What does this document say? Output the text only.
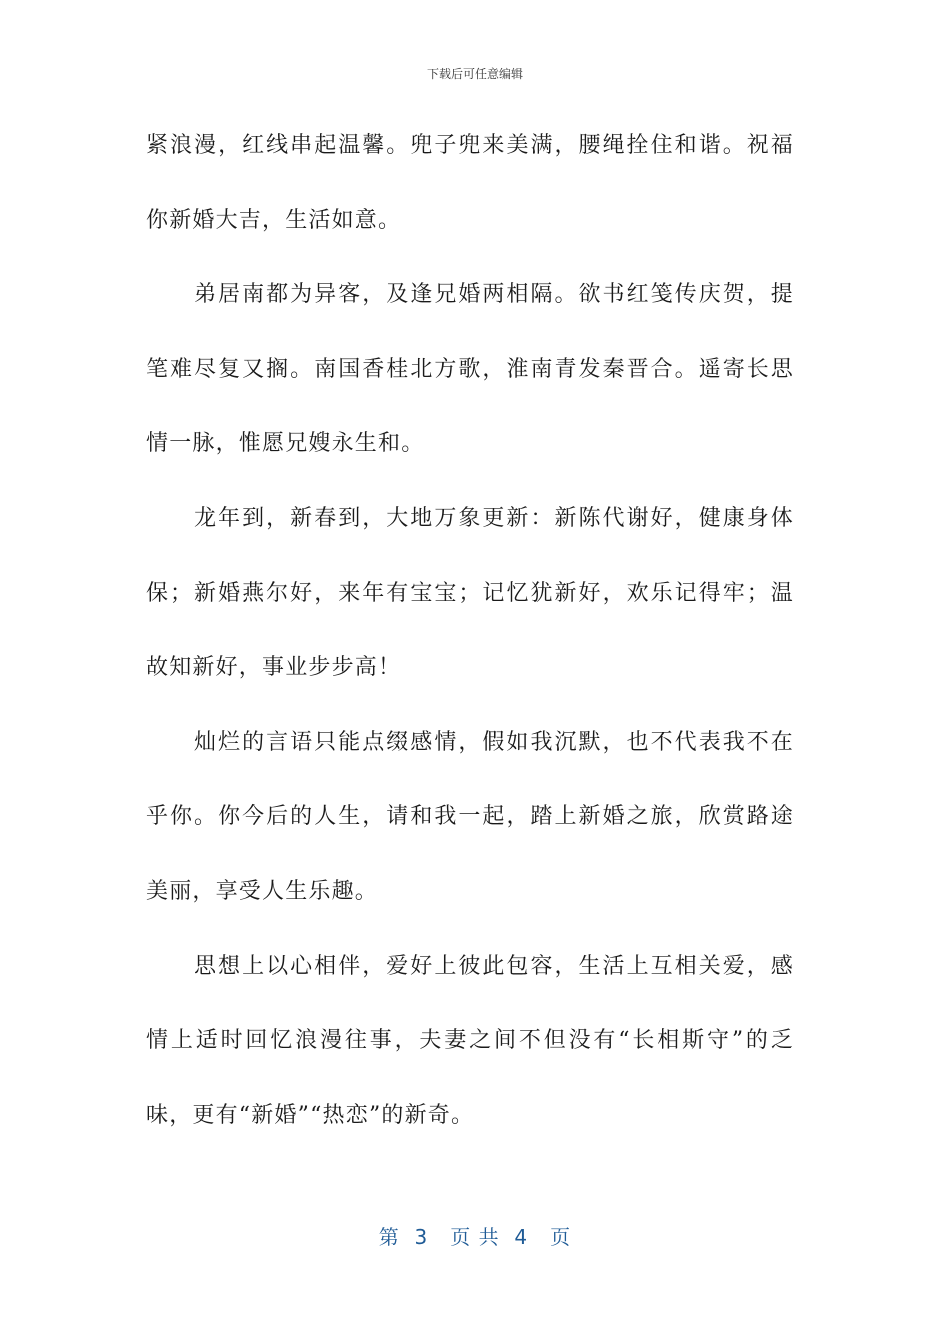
下载后可任意编辑

紧浪漫，红线串起温馨。兜子兜来美满，腰绳拴住和谐。祝福你新婚大吉，生活如意。

弟居南都为异客，及逢兄婚两相隔。欲书红笺传庆贺，提笔难尽复又搁。南国香桂北方歌，淮南青发秦晋合。遥寄长思情一脉，惟愿兄嫂永生和。

龙年到，新春到，大地万象更新：新陈代谢好，健康身体保；新婚燕尔好，来年有宝宝；记忆犹新好，欢乐记得牢；温故知新好，事业步步高！

灿烂的言语只能点缀感情，假如我沉默，也不代表我不在乎你。你今后的人生，请和我一起，踏上新婚之旅，欣赏路途美丽，享受人生乐趣。

思想上以心相伴，爱好上彼此包容，生活上互相关爱，感情上适时回忆浪漫往事，夫妻之间不但没有“长相斯守”的乏味，更有“新婚”“热恋”的新奇。

第  3   页 共  4   页
